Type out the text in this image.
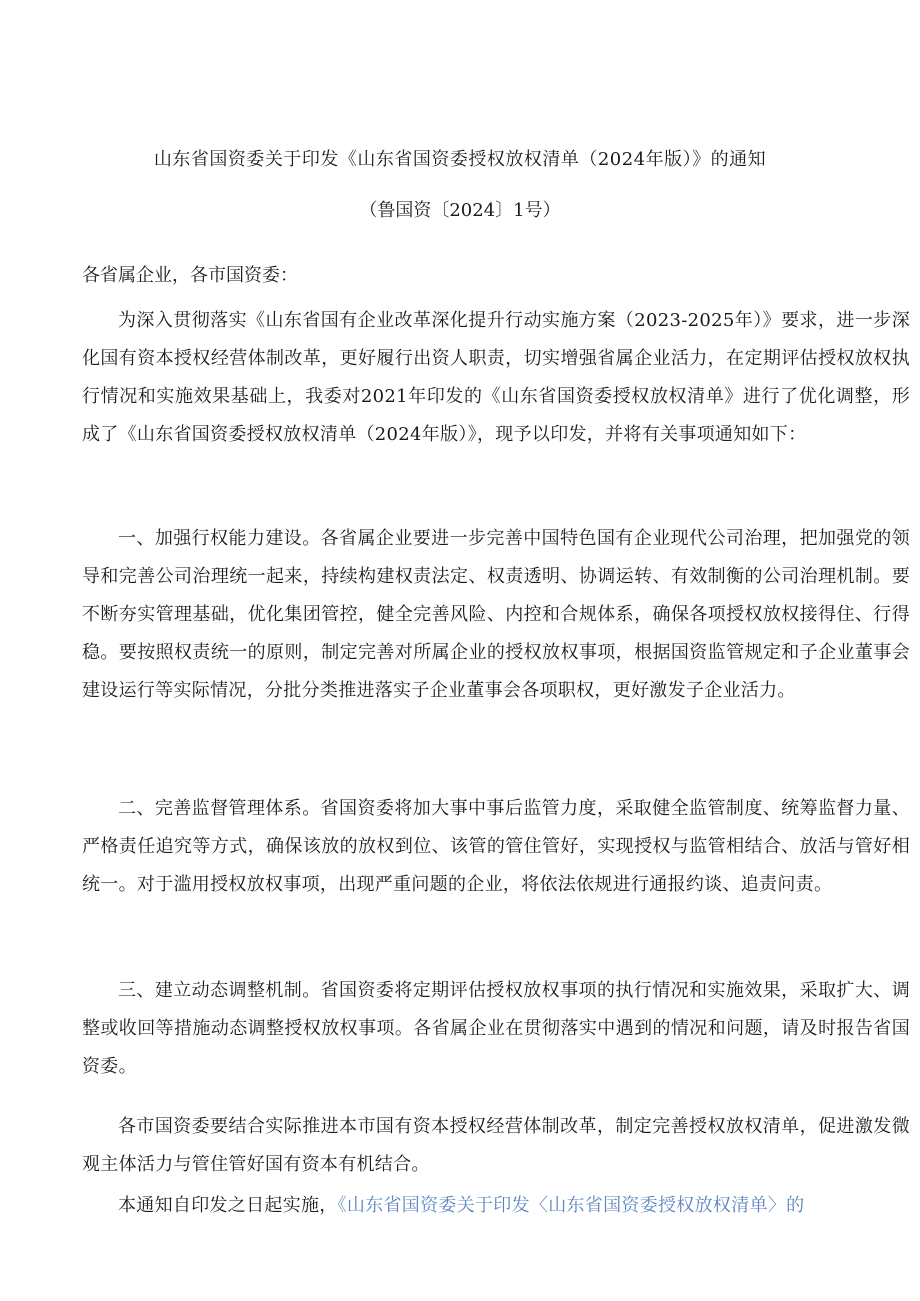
山东省国资委关于印发《山东省国资委授权放权清单（2024年版）》的通知
（鲁国资〔2024〕1号）
各省属企业，各市国资委：

为深入贯彻落实《山东省国有企业改革深化提升行动实施方案（2023-2025年）》要求，进一步深化国有资本授权经营体制改革，更好履行出资人职责，切实增强省属企业活力，在定期评估授权放权执行情况和实施效果基础上，我委对2021年印发的《山东省国资委授权放权清单》进行了优化调整，形成了《山东省国资委授权放权清单（2024年版）》，现予以印发，并将有关事项通知如下：

一、加强行权能力建设。各省属企业要进一步完善中国特色国有企业现代公司治理，把加强党的领导和完善公司治理统一起来，持续构建权责法定、权责透明、协调运转、有效制衡的公司治理机制。要不断夯实管理基础，优化集团管控，健全完善风险、内控和合规体系，确保各项授权放权接得住、行得稳。要按照权责统一的原则，制定完善对所属企业的授权放权事项，根据国资监管规定和子企业董事会建设运行等实际情况，分批分类推进落实子企业董事会各项职权，更好激发子企业活力。

二、完善监督管理体系。省国资委将加大事中事后监管力度，采取健全监管制度、统筹监督力量、严格责任追究等方式，确保该放的放权到位、该管的管住管好，实现授权与监管相结合、放活与管好相统一。对于滥用授权放权事项，出现严重问题的企业，将依法依规进行通报约谈、追责问责。

三、建立动态调整机制。省国资委将定期评估授权放权事项的执行情况和实施效果，采取扩大、调整或收回等措施动态调整授权放权事项。各省属企业在贯彻落实中遇到的情况和问题，请及时报告省国资委。

各市国资委要结合实际推进本市国有资本授权经营体制改革，制定完善授权放权清单，促进激发微观主体活力与管住管好国有资本有机结合。

本通知自印发之日起实施，《山东省国资委关于印发〈山东省国资委授权放权清单〉的
